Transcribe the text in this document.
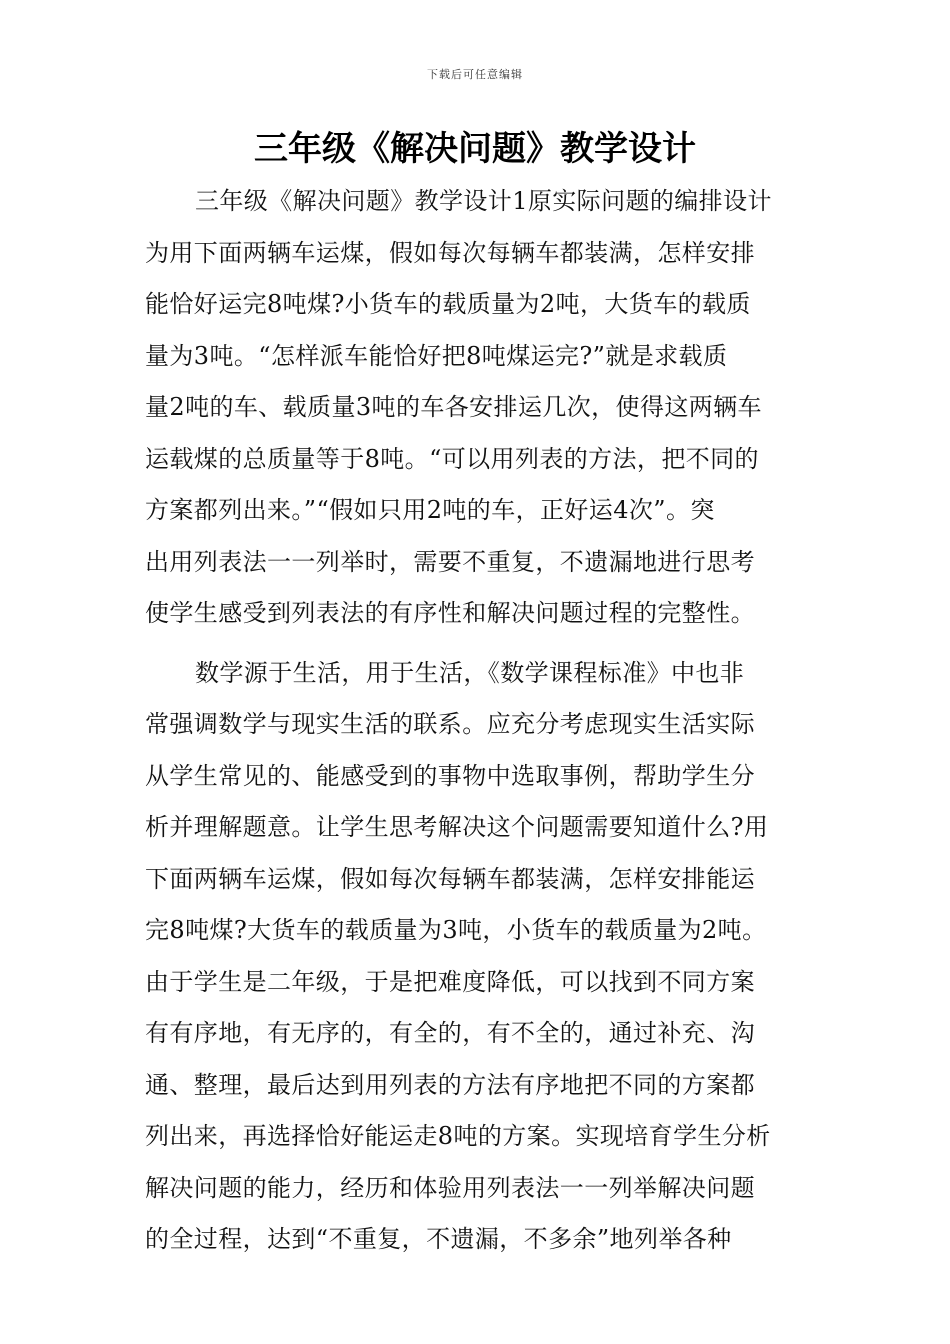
下载后可任意编辑
三年级《解决问题》教学设计
三年级《解决问题》教学设计1原实际问题的编排设计
为用下面两辆车运煤，假如每次每辆车都装满，怎样安排
能恰好运完8吨煤?小货车的载质量为2吨，大货车的载质
量为3吨。“怎样派车能恰好把8吨煤运完?”就是求载质
量2吨的车、载质量3吨的车各安排运几次，使得这两辆车
运载煤的总质量等于8吨。“可以用列表的方法，把不同的
方案都列出来。”“假如只用2吨的车，正好运4次”。突
出用列表法一一列举时，需要不重复，不遗漏地进行思考
使学生感受到列表法的有序性和解决问题过程的完整性。
数学源于生活，用于生活，《数学课程标准》中也非
常强调数学与现实生活的联系。应充分考虑现实生活实际
从学生常见的、能感受到的事物中选取事例，帮助学生分
析并理解题意。让学生思考解决这个问题需要知道什么?用
下面两辆车运煤，假如每次每辆车都装满，怎样安排能运
完8吨煤?大货车的载质量为3吨，小货车的载质量为2吨。
由于学生是二年级，于是把难度降低，可以找到不同方案
有有序地，有无序的，有全的，有不全的，通过补充、沟
通、整理，最后达到用列表的方法有序地把不同的方案都
列出来，再选择恰好能运走8吨的方案。实现培育学生分析
解决问题的能力，经历和体验用列表法一一列举解决问题
的全过程，达到“不重复，不遗漏，不多余”地列举各种
